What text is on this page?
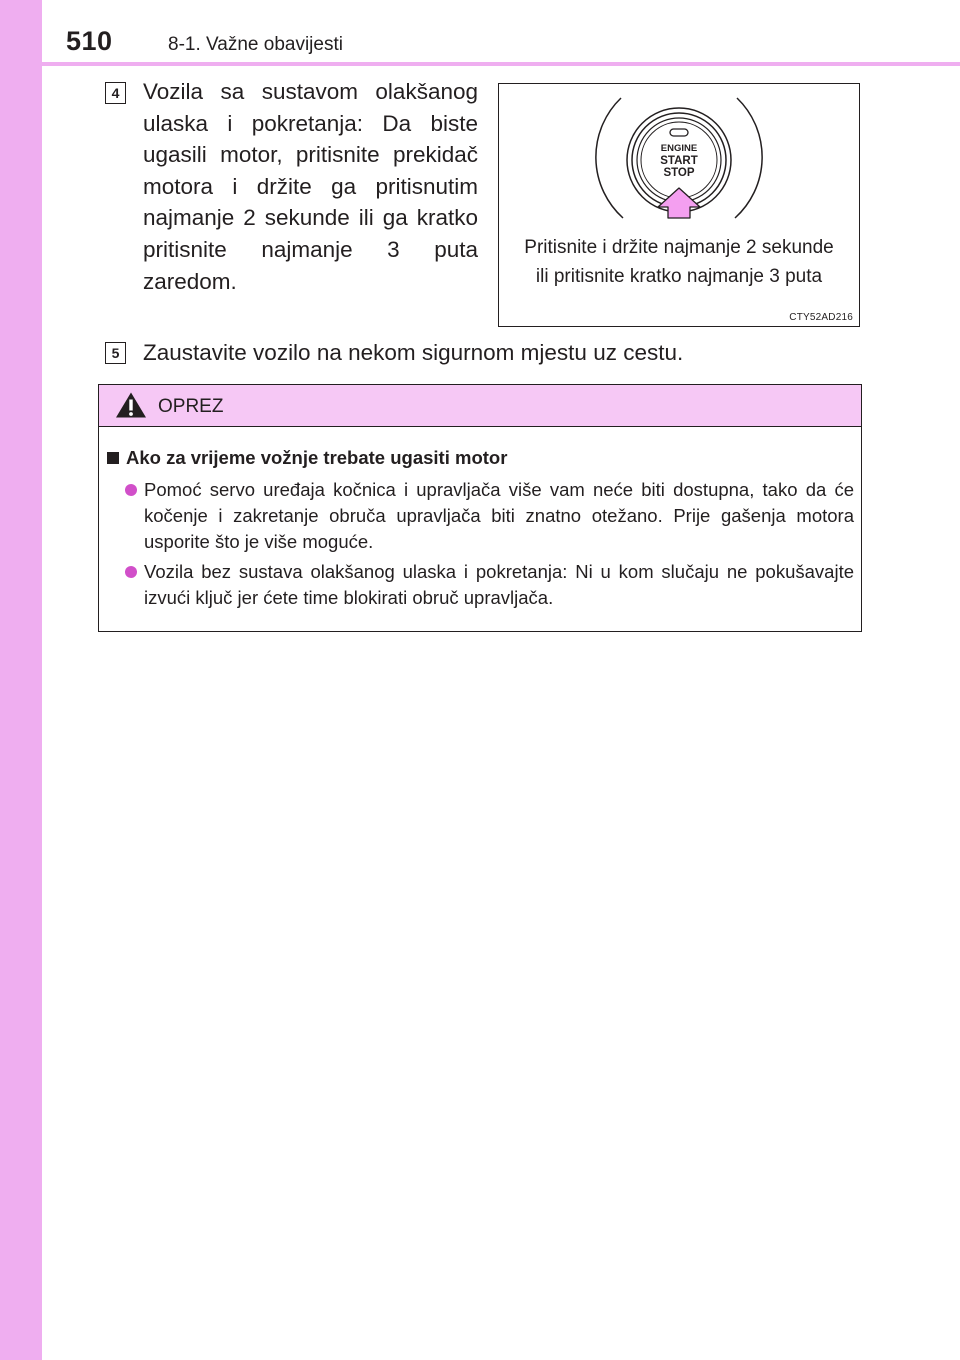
510	8-1. Važne obavijesti
4 Vozila sa sustavom olakšanog ulaska i pokretanja: Da biste ugasili motor, pritisnite prekidač motora i držite ga pritisnutim najmanje 2 sekunde ili ga kratko pritisnite najmanje 3 puta zaredom.
ENGINE
START
STOP
Pritisnite i držite najmanje 2 sekunde ili pritisnite kratko najmanje 3 puta
CTY52AD216
5 Zaustavite vozilo na nekom sigurnom mjestu uz cestu.
OPREZ
Ako za vrijeme vožnje trebate ugasiti motor
Pomoć servo uređaja kočnica i upravljača više vam neće biti dostupna, tako da će kočenje i zakretanje obruča upravljača biti znatno otežano. Prije gašenja motora usporite što je više moguće.
Vozila bez sustava olakšanog ulaska i pokretanja: Ni u kom slučaju ne pokušavajte izvući ključ jer ćete time blokirati obruč upravljača.
